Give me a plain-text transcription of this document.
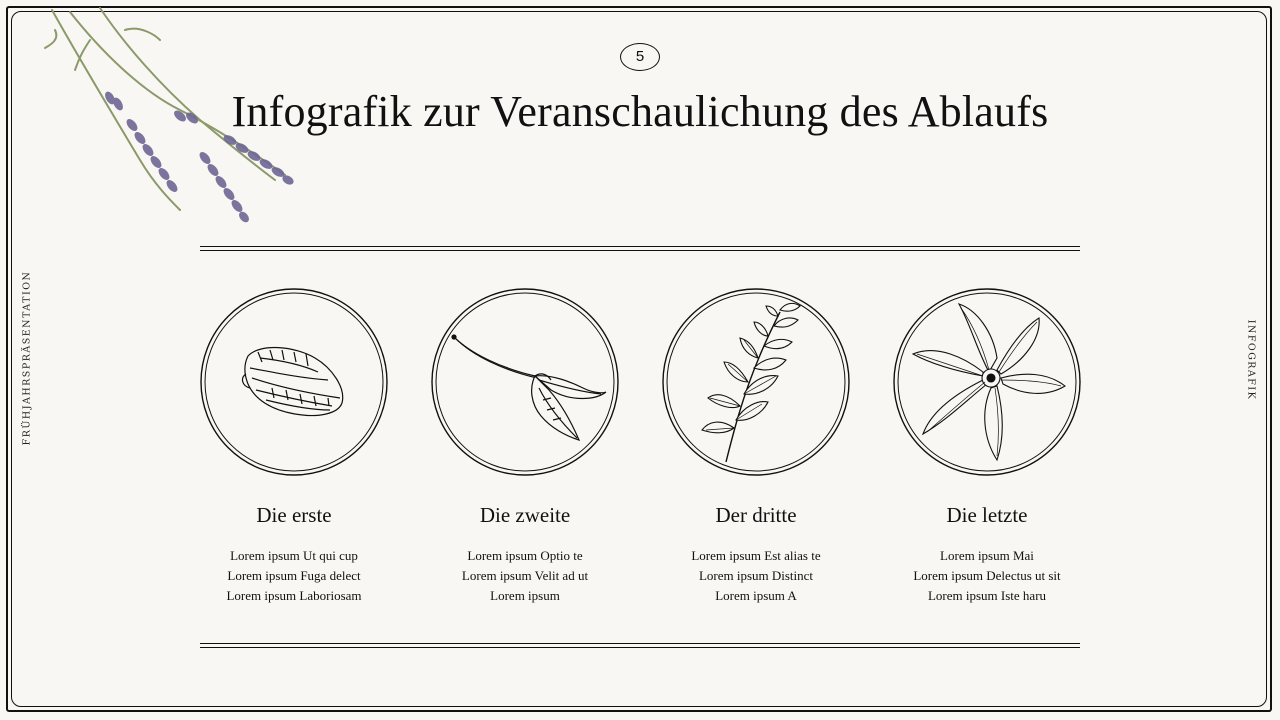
5
Infografik zur Veranschaulichung des Ablaufs
FRÜHJAHRSPRÄSENTATION	INFOGRAFIK
Die erste
Lorem ipsum Ut qui cup
Lorem ipsum Fuga delect
Lorem ipsum Laboriosam
Die zweite
Lorem ipsum Optio te
Lorem ipsum Velit ad ut
Lorem ipsum
Der dritte
Lorem ipsum Est alias te
Lorem ipsum Distinct
Lorem ipsum A
Die letzte
Lorem ipsum Mai
Lorem ipsum Delectus ut sit
Lorem ipsum Iste haru
